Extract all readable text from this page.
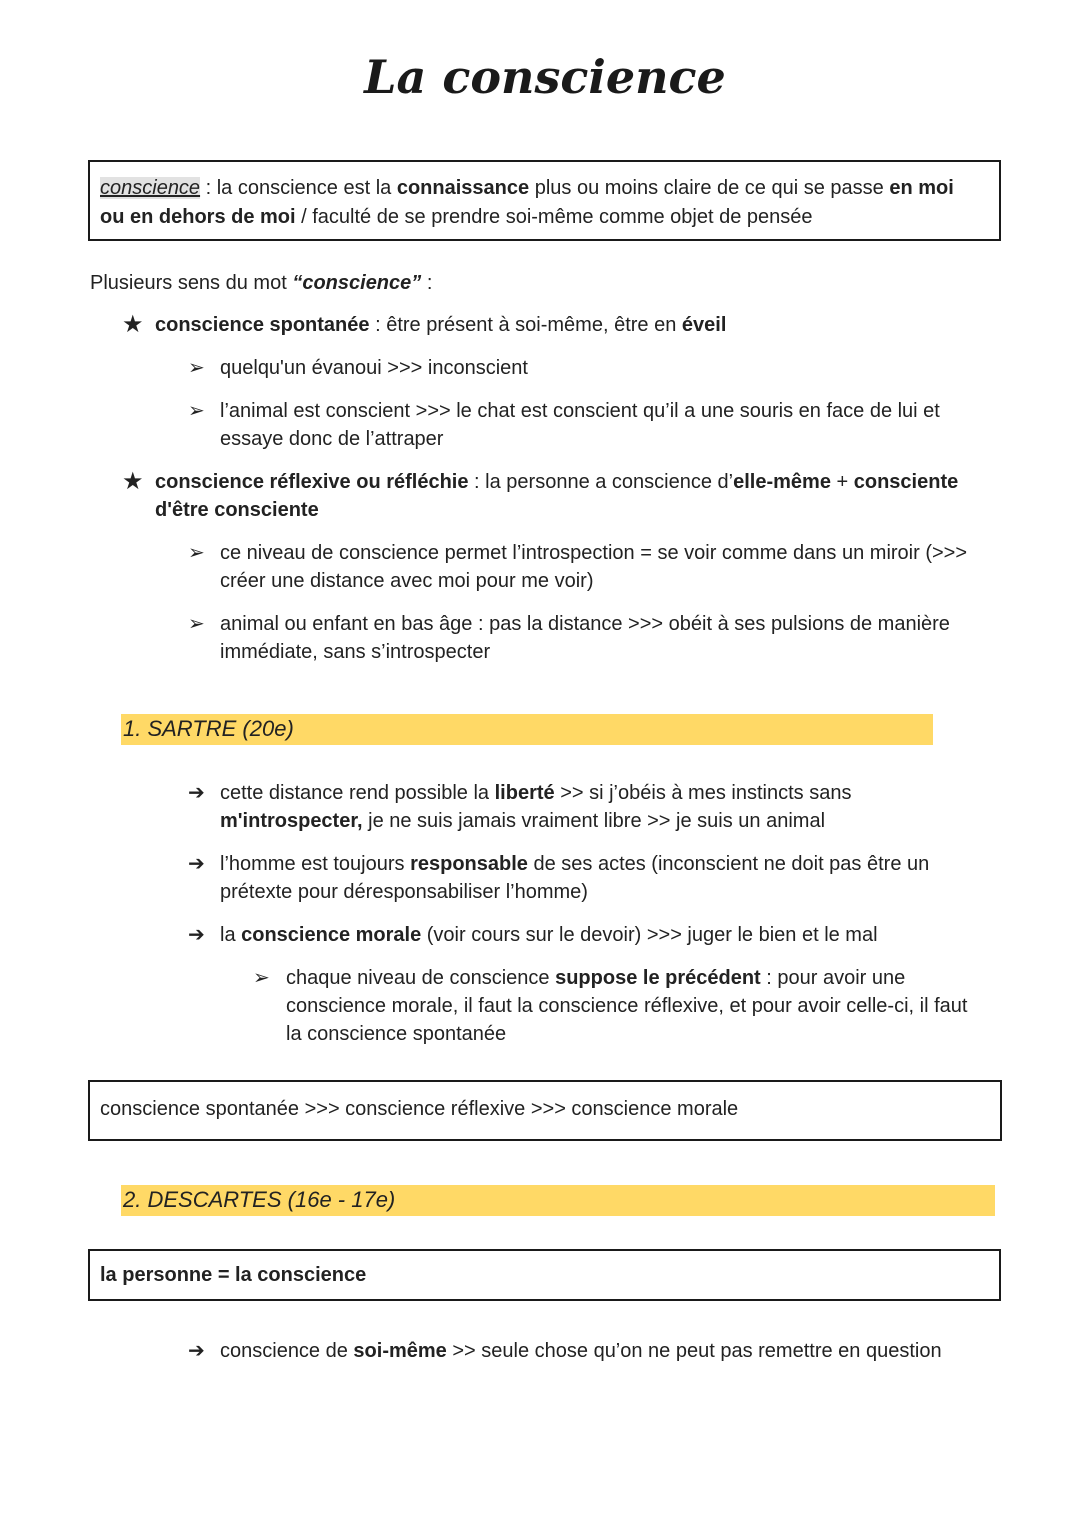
La conscience
conscience : la conscience est la connaissance plus ou moins claire de ce qui se passe en moi
ou en dehors de moi / faculté de se prendre soi-même comme objet de pensée
Plusieurs sens du mot “conscience” :
★ conscience spontanée : être présent à soi-même, être en éveil
➢ quelqu'un évanoui >>> inconscient
➢ l’animal est conscient >>> le chat est conscient qu’il a une souris en face de lui et
essaye donc de l’attraper
★ conscience réflexive ou réfléchie : la personne a conscience d’elle-même + consciente
d'être consciente
➢ ce niveau de conscience permet l’introspection = se voir comme dans un miroir (>>>
créer une distance avec moi pour me voir)
➢ animal ou enfant en bas âge : pas la distance >>> obéit à ses pulsions de manière
immédiate, sans s’introspecter
1. SARTRE (20e)
➔ cette distance rend possible la liberté >> si j’obéis à mes instincts sans
m'introspecter, je ne suis jamais vraiment libre >> je suis un animal
➔ l’homme est toujours responsable de ses actes (inconscient ne doit pas être un
prétexte pour déresponsabiliser l’homme)
➔ la conscience morale (voir cours sur le devoir) >>> juger le bien et le mal
➢ chaque niveau de conscience suppose le précédent : pour avoir une
conscience morale, il faut la conscience réflexive, et pour avoir celle-ci, il faut
la conscience spontanée
conscience spontanée >>> conscience réflexive >>> conscience morale
2. DESCARTES (16e - 17e)
la personne = la conscience
➔ conscience de soi-même >> seule chose qu’on ne peut pas remettre en question
